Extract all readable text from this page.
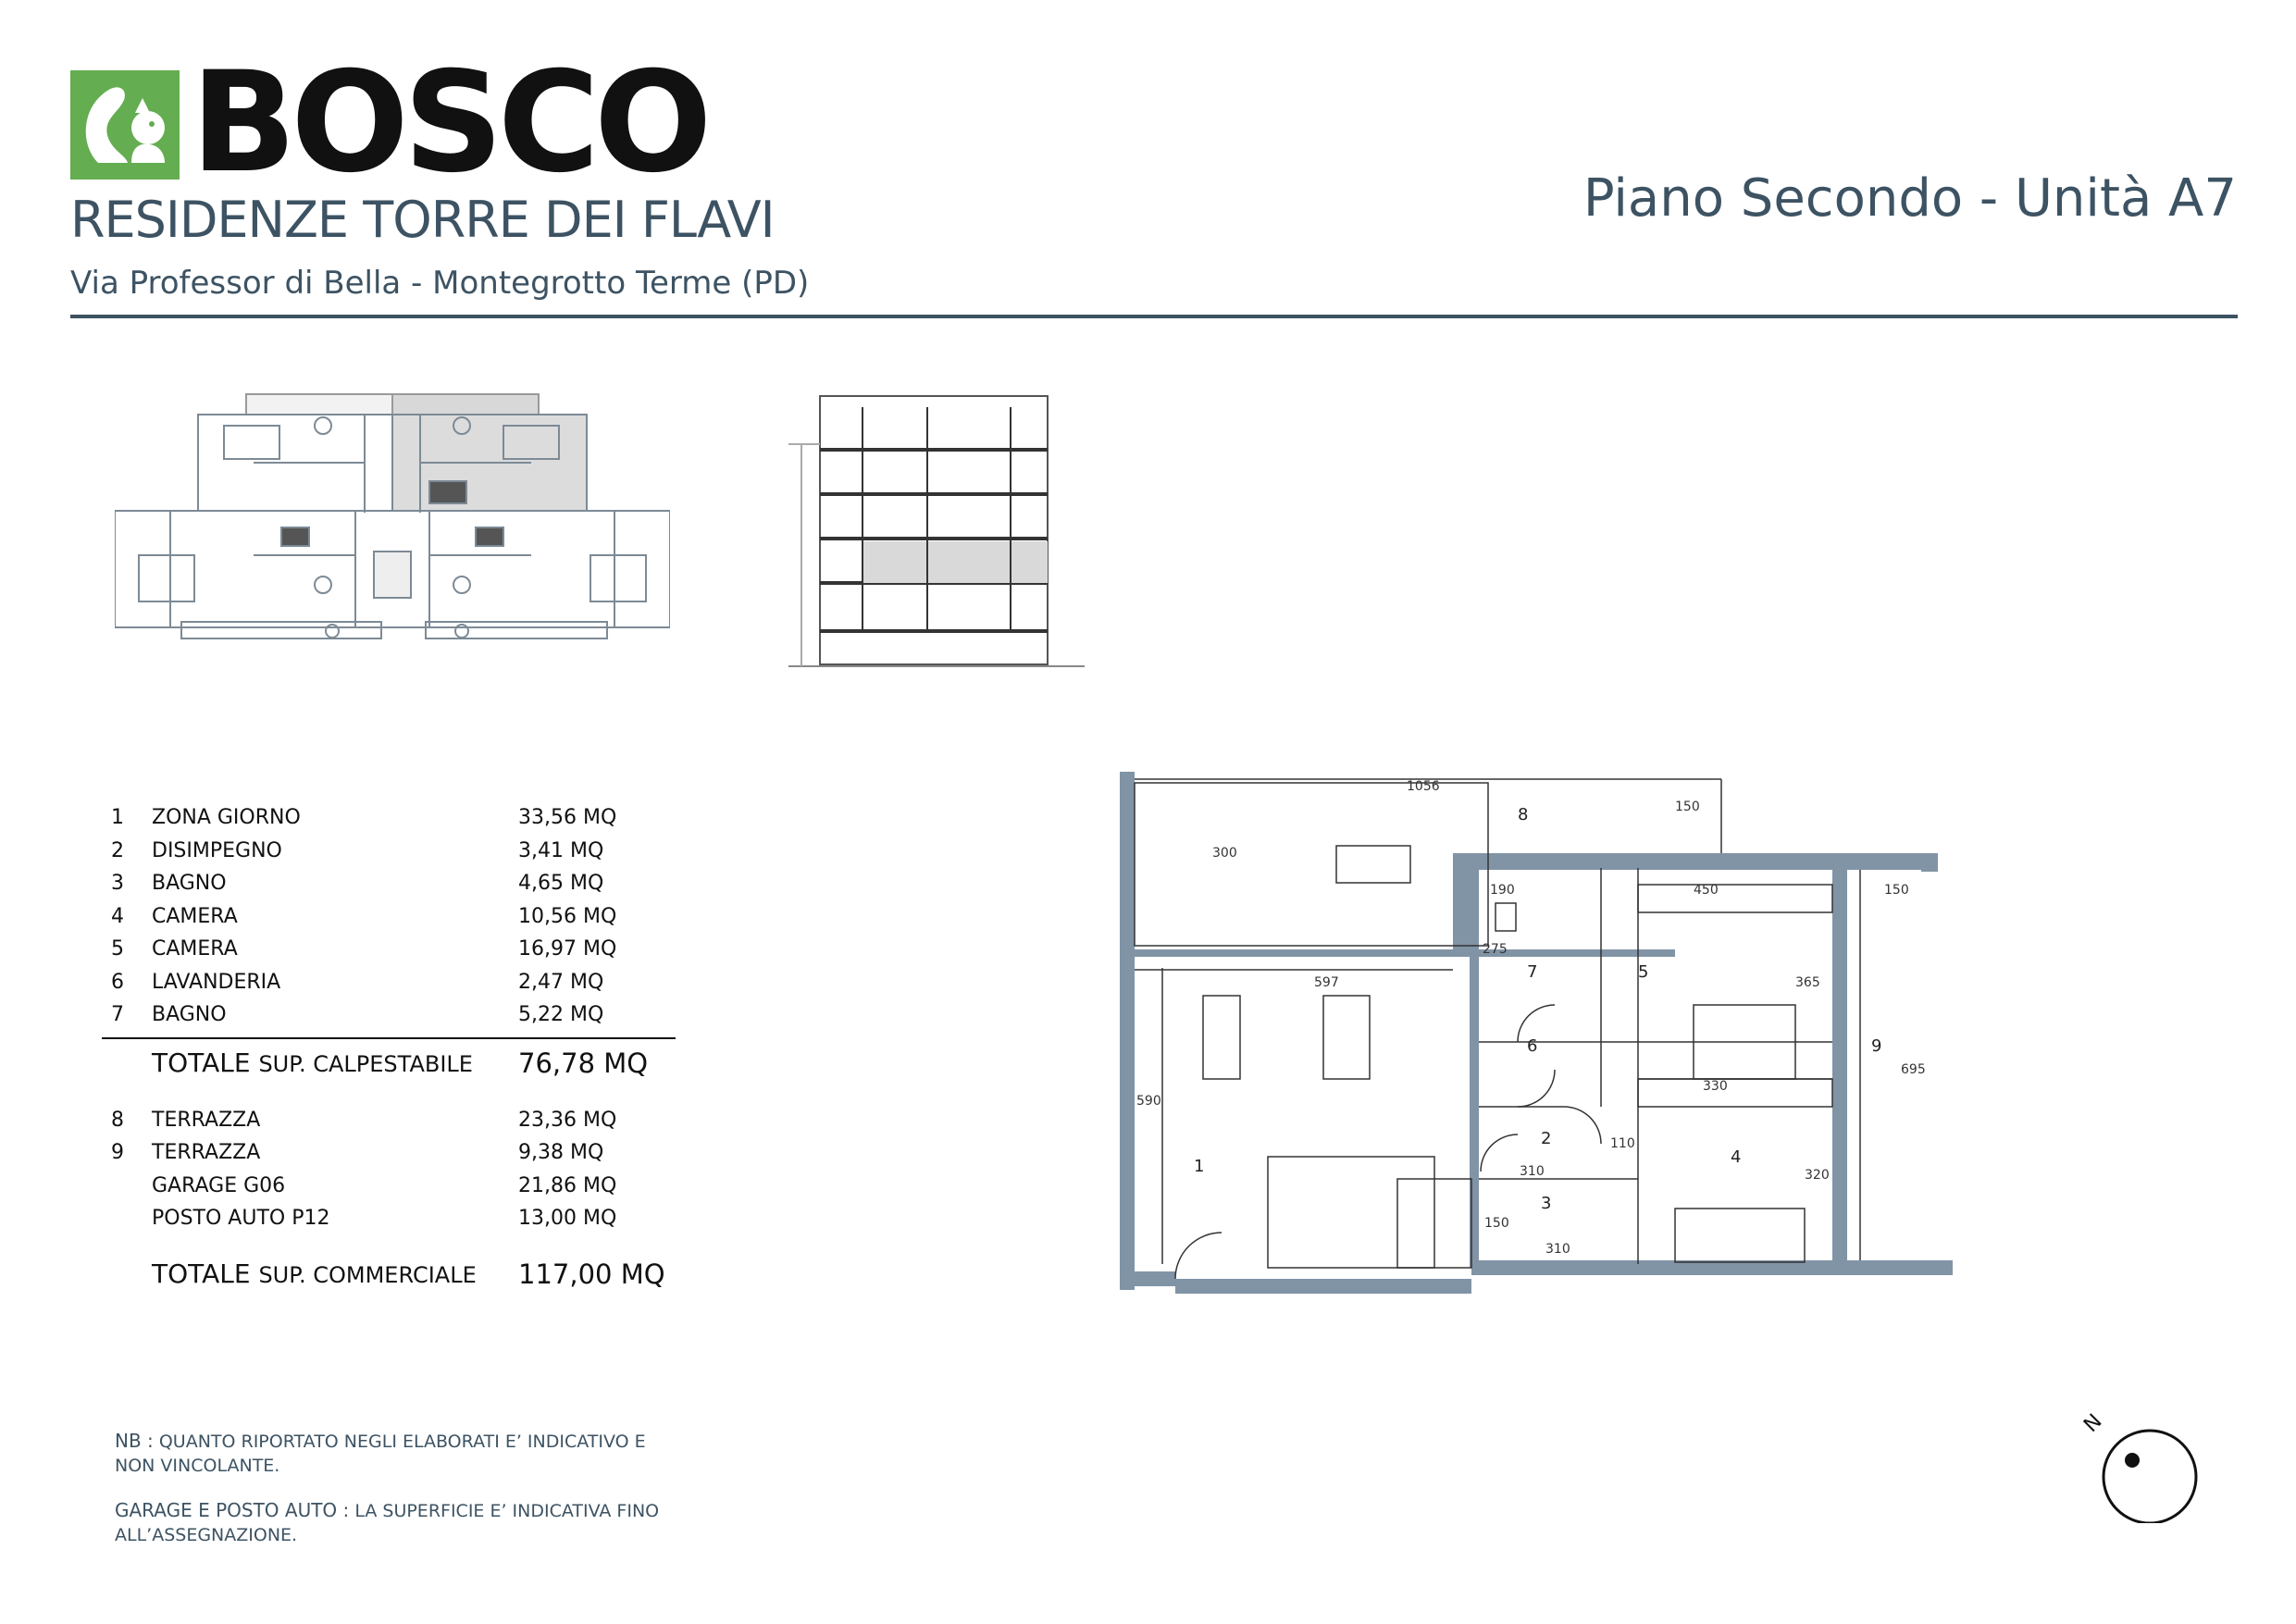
BOSCO
RESIDENZE TORRE DEI FLAVI
Via Professor di Bella - Montegrotto Terme (PD)
Piano Secondo - Unità A7
1 ZONA GIORNO	33,56 MQ
2 DISIMPEGNO	3,41 MQ
3 BAGNO	4,65 MQ
4 CAMERA	10,56 MQ
5 CAMERA	16,97 MQ
6 LAVANDERIA	2,47 MQ
7 BAGNO	5,22 MQ
TOTALE SUP. CALPESTABILE 76,78 MQ
8 TERRAZZA	23,36 MQ
9 TERRAZZA	9,38 MQ
GARAGE G06	21,86 MQ
POSTO AUTO P12	13,00 MQ
TOTALE SUP. COMMERCIALE 117,00 MQ
NB : QUANTO RIPORTATO NEGLI ELABORATI E’ INDICATIVO E NON VINCOLANTE.
GARAGE E POSTO AUTO : LA SUPERFICIE E’ INDICATIVA FINO ALL’ASSEGNAZIONE.
8
1
2
3
4
5
6
7
9
1056
150
300
190	450	150
275
597	365
695
590
330
110
310	320
150
310
N
